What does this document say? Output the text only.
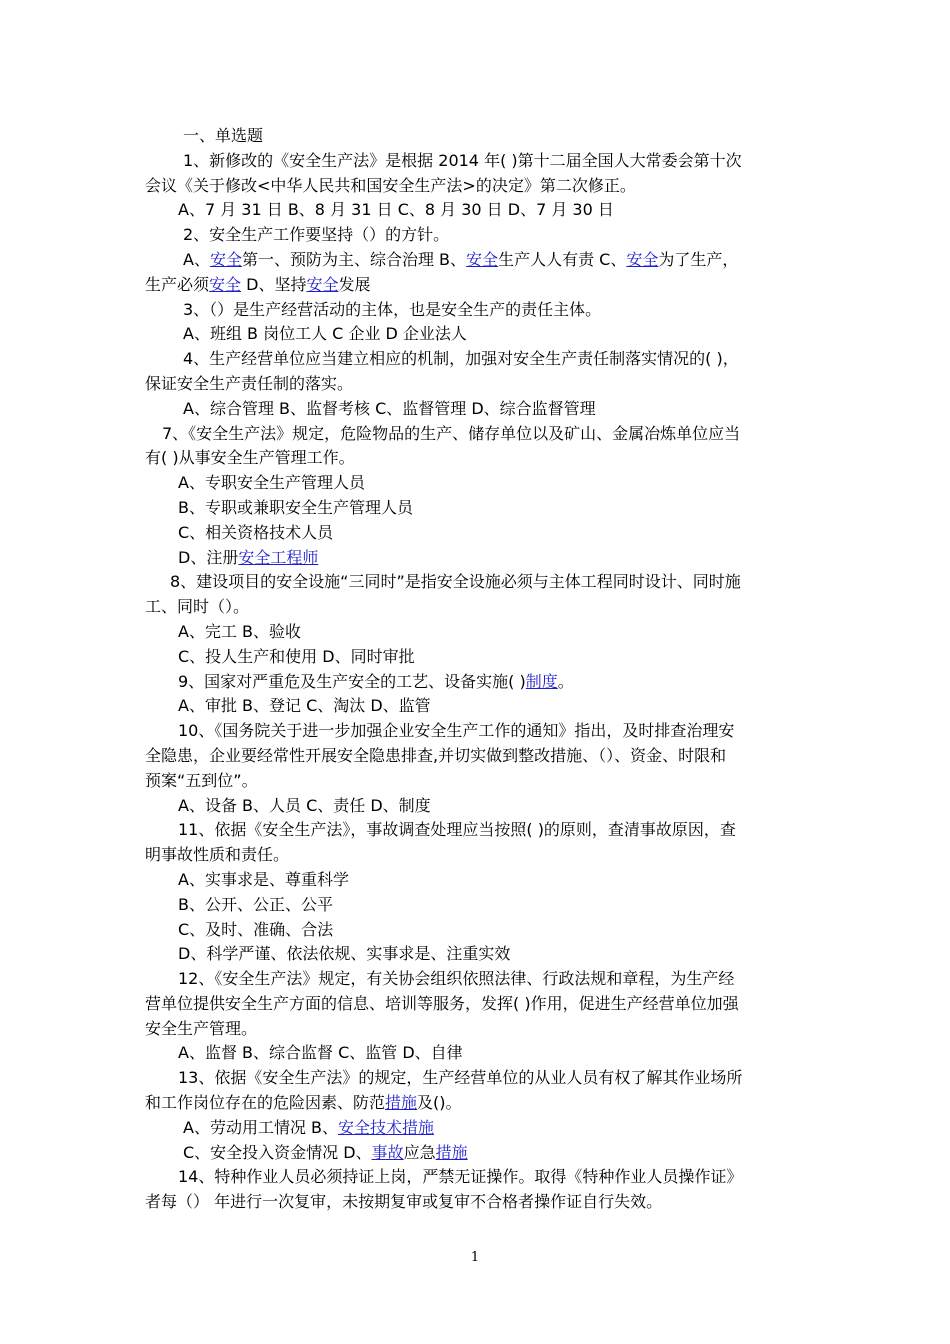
一、单选题
1、新修改的《安全生产法》是根据 2014 年( )第十二届全国人大常委会第十次
会议《关于修改<中华人民共和国安全生产法>的决定》第二次修正。
A、7 月 31 日 B、8 月 31 日 C、8 月 30 日 D、7 月 30 日
2、安全生产工作要坚持（）的方针。
A、安全第一、预防为主、综合治理 B、安全生产人人有责 C、安全为了生产，
生产必须安全 D、坚持安全发展
3、（）是生产经营活动的主体，也是安全生产的责任主体。
A、班组 B 岗位工人 C 企业 D 企业法人
4、生产经营单位应当建立相应的机制，加强对安全生产责任制落实情况的( )，
保证安全生产责任制的落实。
A、综合管理 B、监督考核 C、监督管理 D、综合监督管理
7、《安全生产法》规定，危险物品的生产、储存单位以及矿山、金属冶炼单位应当
有( )从事安全生产管理工作。
A、专职安全生产管理人员
B、专职或兼职安全生产管理人员
C、相关资格技术人员
D、注册安全工程师
8、建设项目的安全设施“三同时”是指安全设施必须与主体工程同时设计、同时施
工、同时（）。
A、完工 B、验收
C、投人生产和使用 D、同时审批
9、国家对严重危及生产安全的工艺、设备实施( )制度。
A、审批 B、登记 C、淘汰 D、监管
10、《国务院关于进一步加强企业安全生产工作的通知》指出，及时排查治理安
全隐患，企业要经常性开展安全隐患排查,并切实做到整改措施、（）、资金、时限和
预案“五到位”。
A、设备 B、人员 C、责任 D、制度
11、依据《安全生产法》，事故调查处理应当按照( )的原则，查清事故原因，查
明事故性质和责任。
A、实事求是、尊重科学
B、公开、公正、公平
C、及时、准确、合法
D、科学严谨、依法依规、实事求是、注重实效
12、《安全生产法》规定，有关协会组织依照法律、行政法规和章程，为生产经
营单位提供安全生产方面的信息、培训等服务，发挥( )作用，促进生产经营单位加强
安全生产管理。
A、监督 B、综合监督 C、监管 D、自律
13、依据《安全生产法》的规定，生产经营单位的从业人员有权了解其作业场所
和工作岗位存在的危险因素、防范措施及()。
A、劳动用工情况 B、安全技术措施
C、安全投入资金情况 D、事故应急措施
14、特种作业人员必须持证上岗，严禁无证操作。取得《特种作业人员操作证》
者每（） 年进行一次复审，未按期复审或复审不合格者操作证自行失效。
1
